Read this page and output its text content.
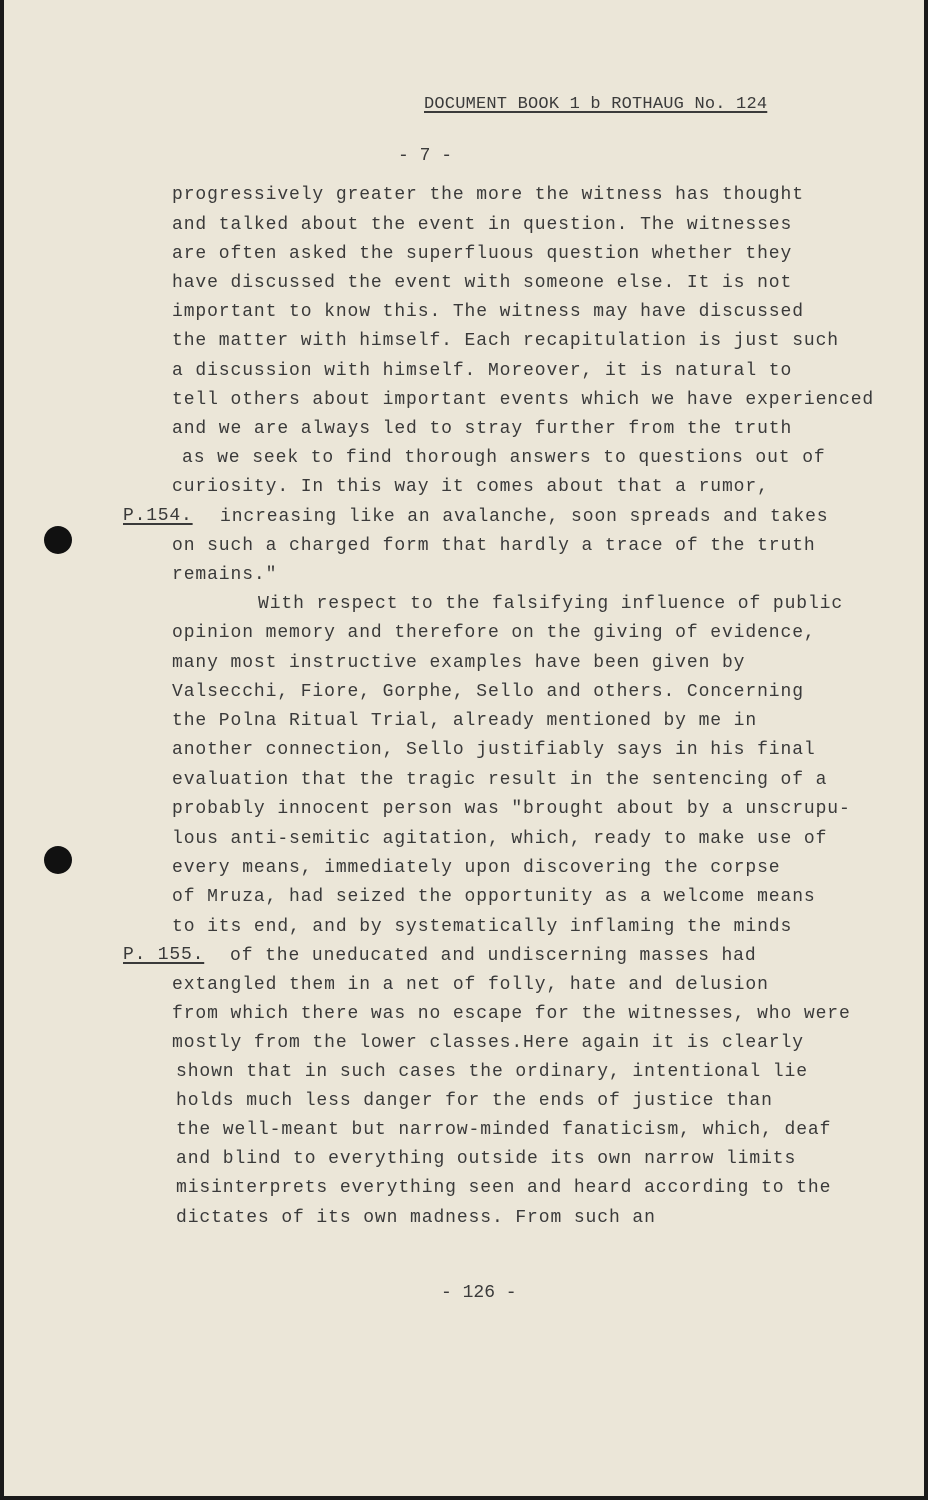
DOCUMENT BOOK 1 b ROTHAUG No. 124
- 7 -
progressively greater the more the witness has thought
and talked about the event in question. The witnesses
are often asked the superfluous question whether they
have discussed the event with someone else. It is not
important to know this. The witness may have discussed
the matter with himself. Each recapitulation is just such
a discussion with himself. Moreover, it is natural to
tell others about important events which we have experienced
and we are always led to stray further from the truth
as we seek to find thorough answers to questions out of
curiosity. In this way it comes about that a rumor,
P.154. increasing like an avalanche, soon spreads and takes
on such a charged form that hardly a trace of the truth
remains."
With respect to the falsifying influence of public
opinion memory and therefore on the giving of evidence,
many most instructive examples have been given by
Valsecchi, Fiore, Gorphe, Sello and others. Concerning
the Polna Ritual Trial, already mentioned by me in
another connection, Sello justifiably says in his final
evaluation that the tragic result in the sentencing of a
probably innocent person was "brought about by a unscrupu-
lous anti-semitic agitation, which, ready to make use of
every means, immediately upon discovering the corpse
of Mruza, had seized the opportunity as a welcome means
to its end, and by systematically inflaming the minds
P. 155. of the uneducated and undiscerning masses had
extangled them in a net of folly, hate and delusion
from which there was no escape for the witnesses, who were
mostly from the lower classes.Here again it is clearly
shown that in such cases the ordinary, intentional lie
holds much less danger for the ends of justice than
the well-meant but narrow-minded fanaticism, which, deaf
and blind to everything outside its own narrow limits
misinterprets everything seen and heard according to the
dictates of its own madness. From such an
- 126 -
